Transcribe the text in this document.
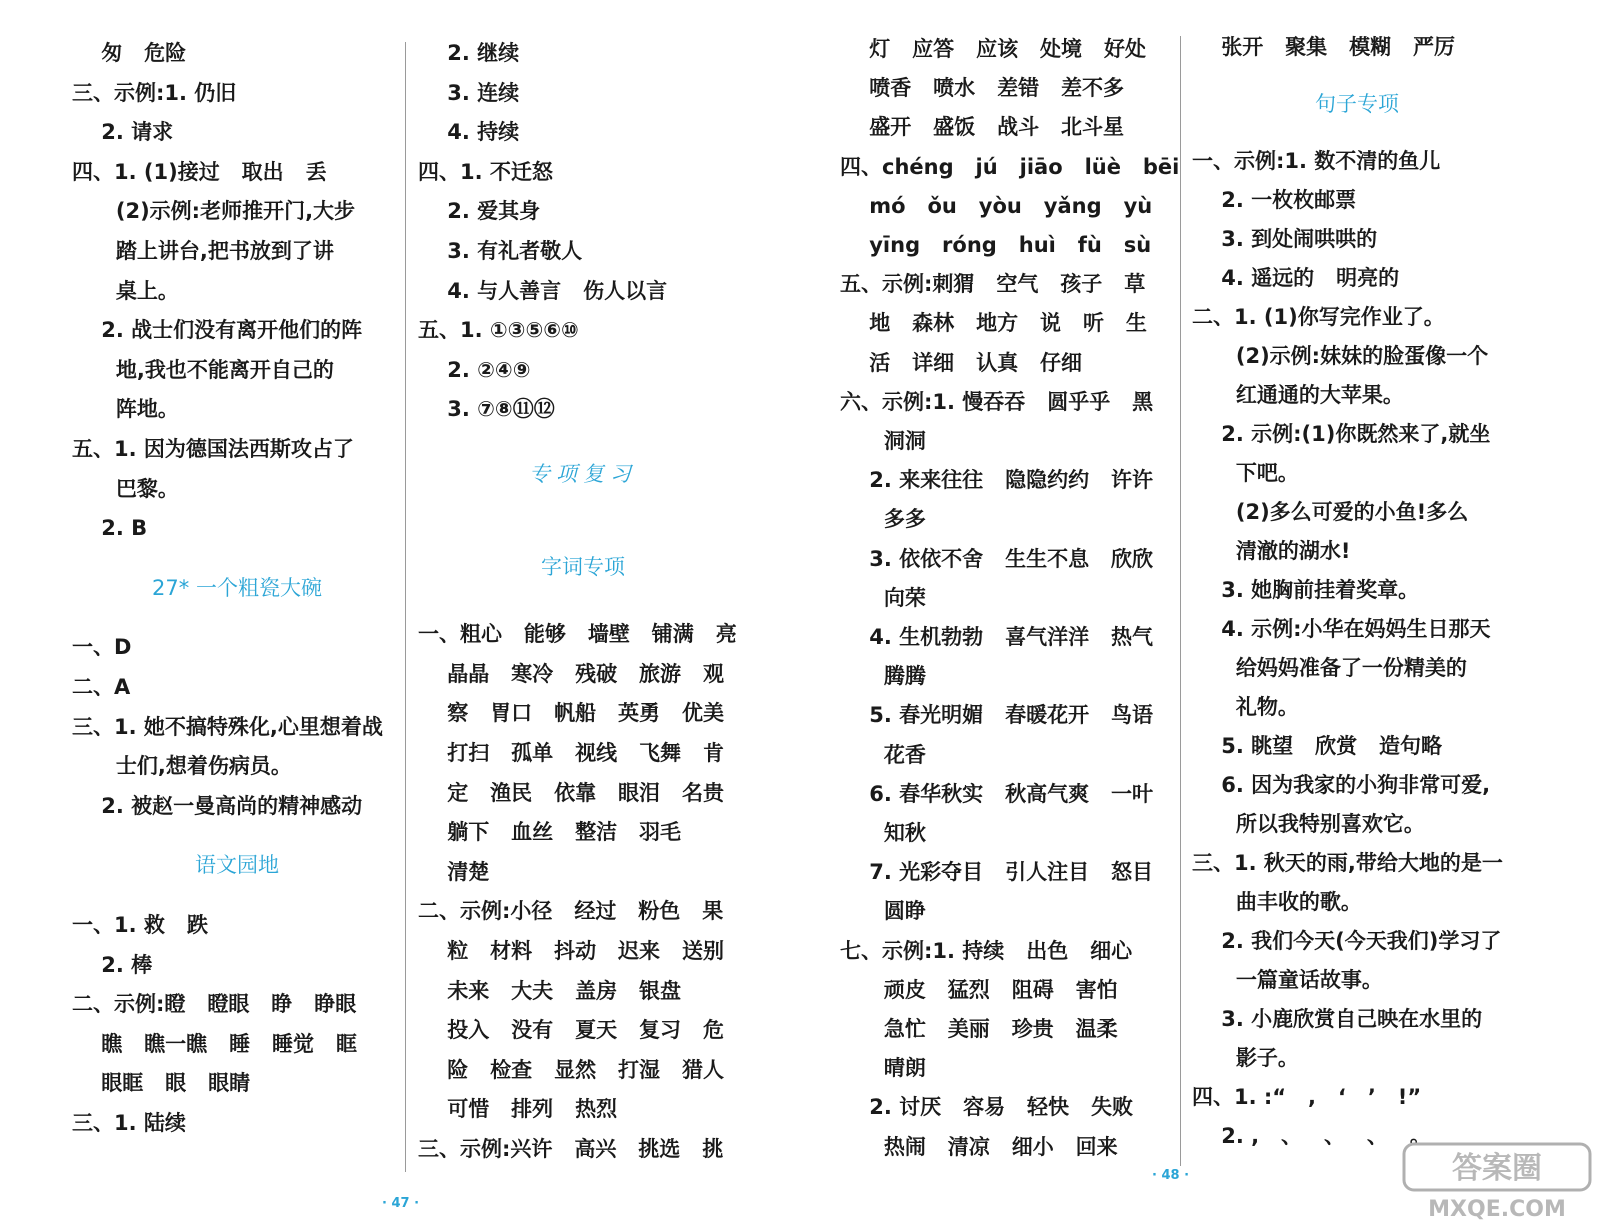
匆   危险
三、示例:1. 仍旧
2. 请求
四、1. (1)接过   取出   丢
(2)示例:老师推开门,大步
踏上讲台,把书放到了讲
桌上。
2. 战士们没有离开他们的阵
地,我也不能离开自己的
阵地。
五、1. 因为德国法西斯攻占了
巴黎。
2. B
27* 一个粗瓷大碗
一、D
二、A
三、1. 她不搞特殊化,心里想着战
士们,想着伤病员。
2. 被赵一曼高尚的精神感动
语文园地
一、1. 救   跌
2. 棒
二、示例:瞪   瞪眼   睁   睁眼
瞧   瞧一瞧   睡   睡觉   眶
眼眶   眼   眼睛
三、1. 陆续
2. 继续
3. 连续
4. 持续
四、1. 不迁怒
2. 爱其身
3. 有礼者敬人
4. 与人善言   伤人以言
五、1. ①③⑤⑥⑩
2. ②④⑨
3. ⑦⑧⑪⑫
专项复习
字词专项
一、粗心   能够   墙壁   铺满   亮
晶晶   寒冷   残破   旅游   观
察   胃口   帆船   英勇   优美
打扫   孤单   视线   飞舞   肯
定   渔民   依靠   眼泪   名贵
躺下   血丝   整洁   羽毛
清楚
二、示例:小径   经过   粉色   果
粒   材料   抖动   迟来   送别
未来   大夫   盖房   银盘
投入   没有   夏天   复习   危
险   检查   显然   打湿   猎人
可惜   排列   热烈
三、示例:兴许   高兴   挑选   挑
· 47 ·
灯   应答   应该   处境   好处
喷香   喷水   差错   差不多
盛开   盛饭   战斗   北斗星
四、chéng   jú   jiāo   lüè   bēi
mó   ǒu   yòu   yǎng   yù
yīng   róng   huì   fù   sù
五、示例:刺猬   空气   孩子   草
地   森林   地方   说   听   生
活   详细   认真   仔细
六、示例:1. 慢吞吞   圆乎乎   黑
洞洞
2. 来来往往   隐隐约约   许许
多多
3. 依依不舍   生生不息   欣欣
向荣
4. 生机勃勃   喜气洋洋   热气
腾腾
5. 春光明媚   春暖花开   鸟语
花香
6. 春华秋实   秋高气爽   一叶
知秋
7. 光彩夺目   引人注目   怒目
圆睁
七、示例:1. 持续   出色   细心
顽皮   猛烈   阻碍   害怕
急忙   美丽   珍贵   温柔
晴朗
2. 讨厌   容易   轻快   失败
热闹   清凉   细小   回来
张开   聚集   模糊   严厉
句子专项
一、示例:1. 数不清的鱼儿
2. 一枚枚邮票
3. 到处闹哄哄的
4. 遥远的   明亮的
二、1. (1)你写完作业了。
(2)示例:妹妹的脸蛋像一个
红通通的大苹果。
2. 示例:(1)你既然来了,就坐
下吧。
(2)多么可爱的小鱼!多么
清澈的湖水!
3. 她胸前挂着奖章。
4. 示例:小华在妈妈生日那天
给妈妈准备了一份精美的
礼物。
5. 眺望   欣赏   造句略
6. 因为我家的小狗非常可爱,
所以我特别喜欢它。
三、1. 秋天的雨,带给大地的是一
曲丰收的歌。
2. 我们今天(今天我们)学习了
一篇童话故事。
3. 小鹿欣赏自己映在水里的
影子。
四、1. :“   ,   ‘   ’   !”
2. ,   、   、   、   。
· 48 ·	答案圈
MXQE.COM
